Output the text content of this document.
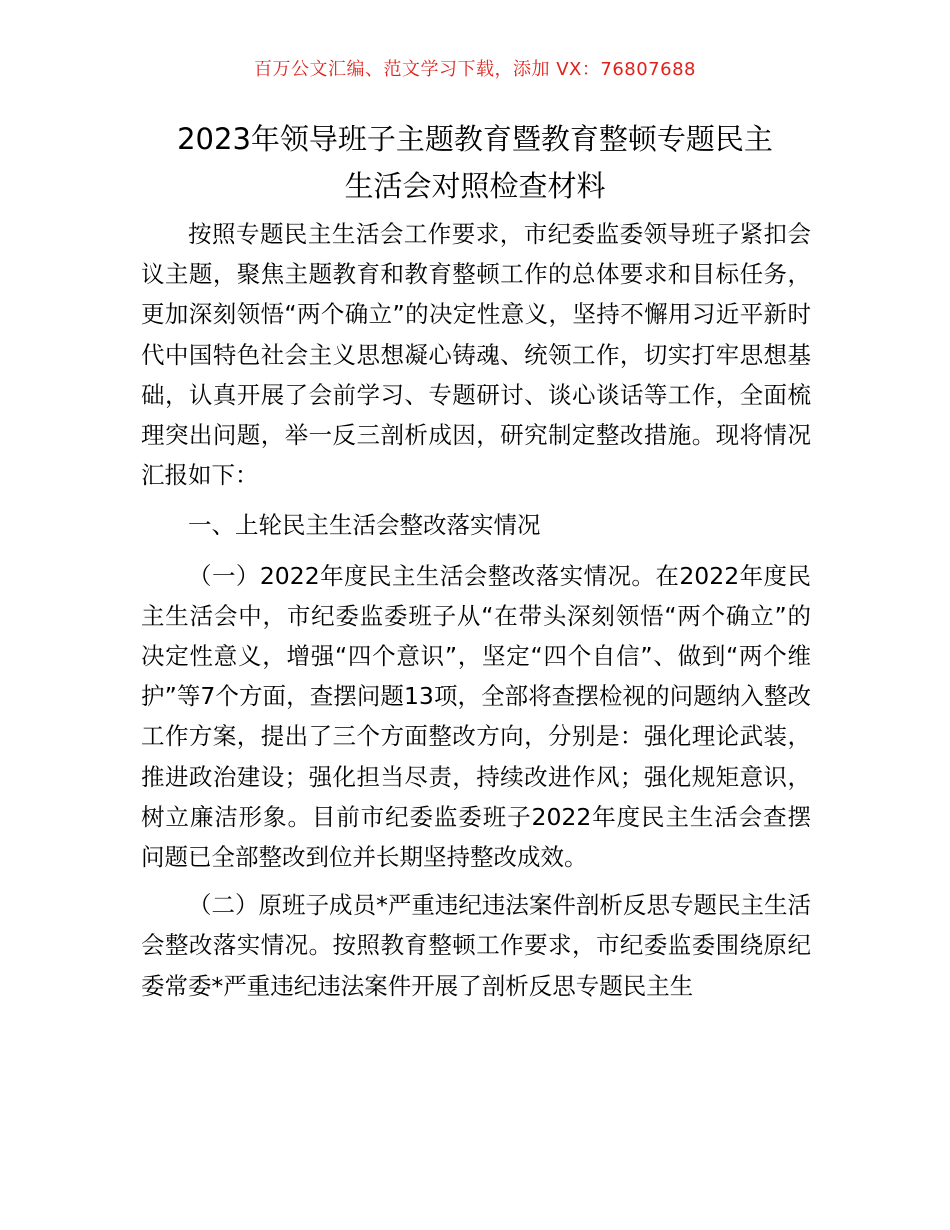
百万公文汇编、范文学习下载，添加 VX：76807688
2023年领导班子主题教育暨教育整顿专题民主
生活会对照检查材料

按照专题民主生活会工作要求，市纪委监委领导班子紧扣会议主题，聚焦主题教育和教育整顿工作的总体要求和目标任务，更加深刻领悟“两个确立”的决定性意义，坚持不懈用习近平新时代中国特色社会主义思想凝心铸魂、统领工作，切实打牢思想基础，认真开展了会前学习、专题研讨、谈心谈话等工作，全面梳理突出问题，举一反三剖析成因，研究制定整改措施。现将情况汇报如下：

一、上轮民主生活会整改落实情况

（一）2022年度民主生活会整改落实情况。在2022年度民主生活会中，市纪委监委班子从“在带头深刻领悟“两个确立”的决定性意义，增强“四个意识”，坚定“四个自信”、做到“两个维护”等7个方面，查摆问题13项，全部将查摆检视的问题纳入整改工作方案，提出了三个方面整改方向，分别是：强化理论武装，推进政治建设；强化担当尽责，持续改进作风；强化规矩意识，树立廉洁形象。目前市纪委监委班子2022年度民主生活会查摆问题已全部整改到位并长期坚持整改成效。

（二）原班子成员*严重违纪违法案件剖析反思专题民主生活会整改落实情况。按照教育整顿工作要求，市纪委监委围绕原纪委常委*严重违纪违法案件开展了剖析反思专题民主生
